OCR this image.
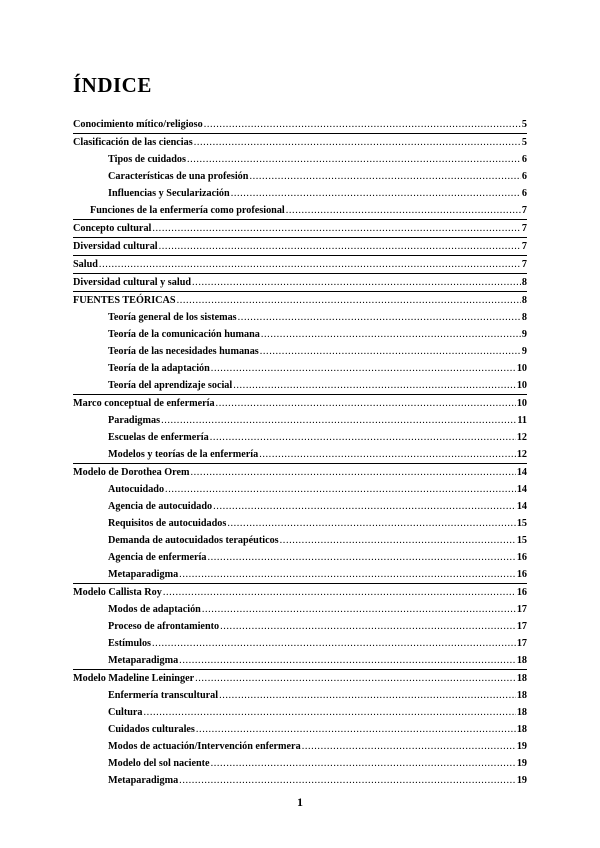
ÍNDICE
Conocimiento mítico/religioso .....	5
Clasificación de las ciencias .....	5
Tipos de cuidados .....	6
Características de una profesión .....	6
Influencias y Secularización .....	6
Funciones de la enfermería como profesional .....	7
Concepto cultural .....	7
Diversidad cultural .....	7
Salud .....	7
Diversidad cultural y salud .....	8
FUENTES TEÓRICAS .....	8
Teoría general de los sistemas .....	8
Teoría de la comunicación humana .....	9
Teoría de las necesidades humanas .....	9
Teoría de la adaptación .....	10
Teoría del aprendizaje social .....	10
Marco conceptual de enfermería .....	10
Paradigmas .....	11
Escuelas de enfermería .....	12
Modelos y teorías de la enfermería .....	12
Modelo de Dorothea Orem .....	14
Autocuidado .....	14
Agencia de autocuidado .....	14
Requisitos de autocuidados .....	15
Demanda de autocuidados terapéuticos .....	15
Agencia de enfermería .....	16
Metaparadigma .....	16
Modelo Callista Roy .....	16
Modos de adaptación .....	17
Proceso de afrontamiento .....	17
Estímulos .....	17
Metaparadigma .....	18
Modelo Madeline Leininger .....	18
Enfermería transcultural .....	18
Cultura .....	18
Cuidados culturales .....	18
Modos de actuación/Intervención enfermera .....	19
Modelo del sol naciente .....	19
Metaparadigma .....	19
1
